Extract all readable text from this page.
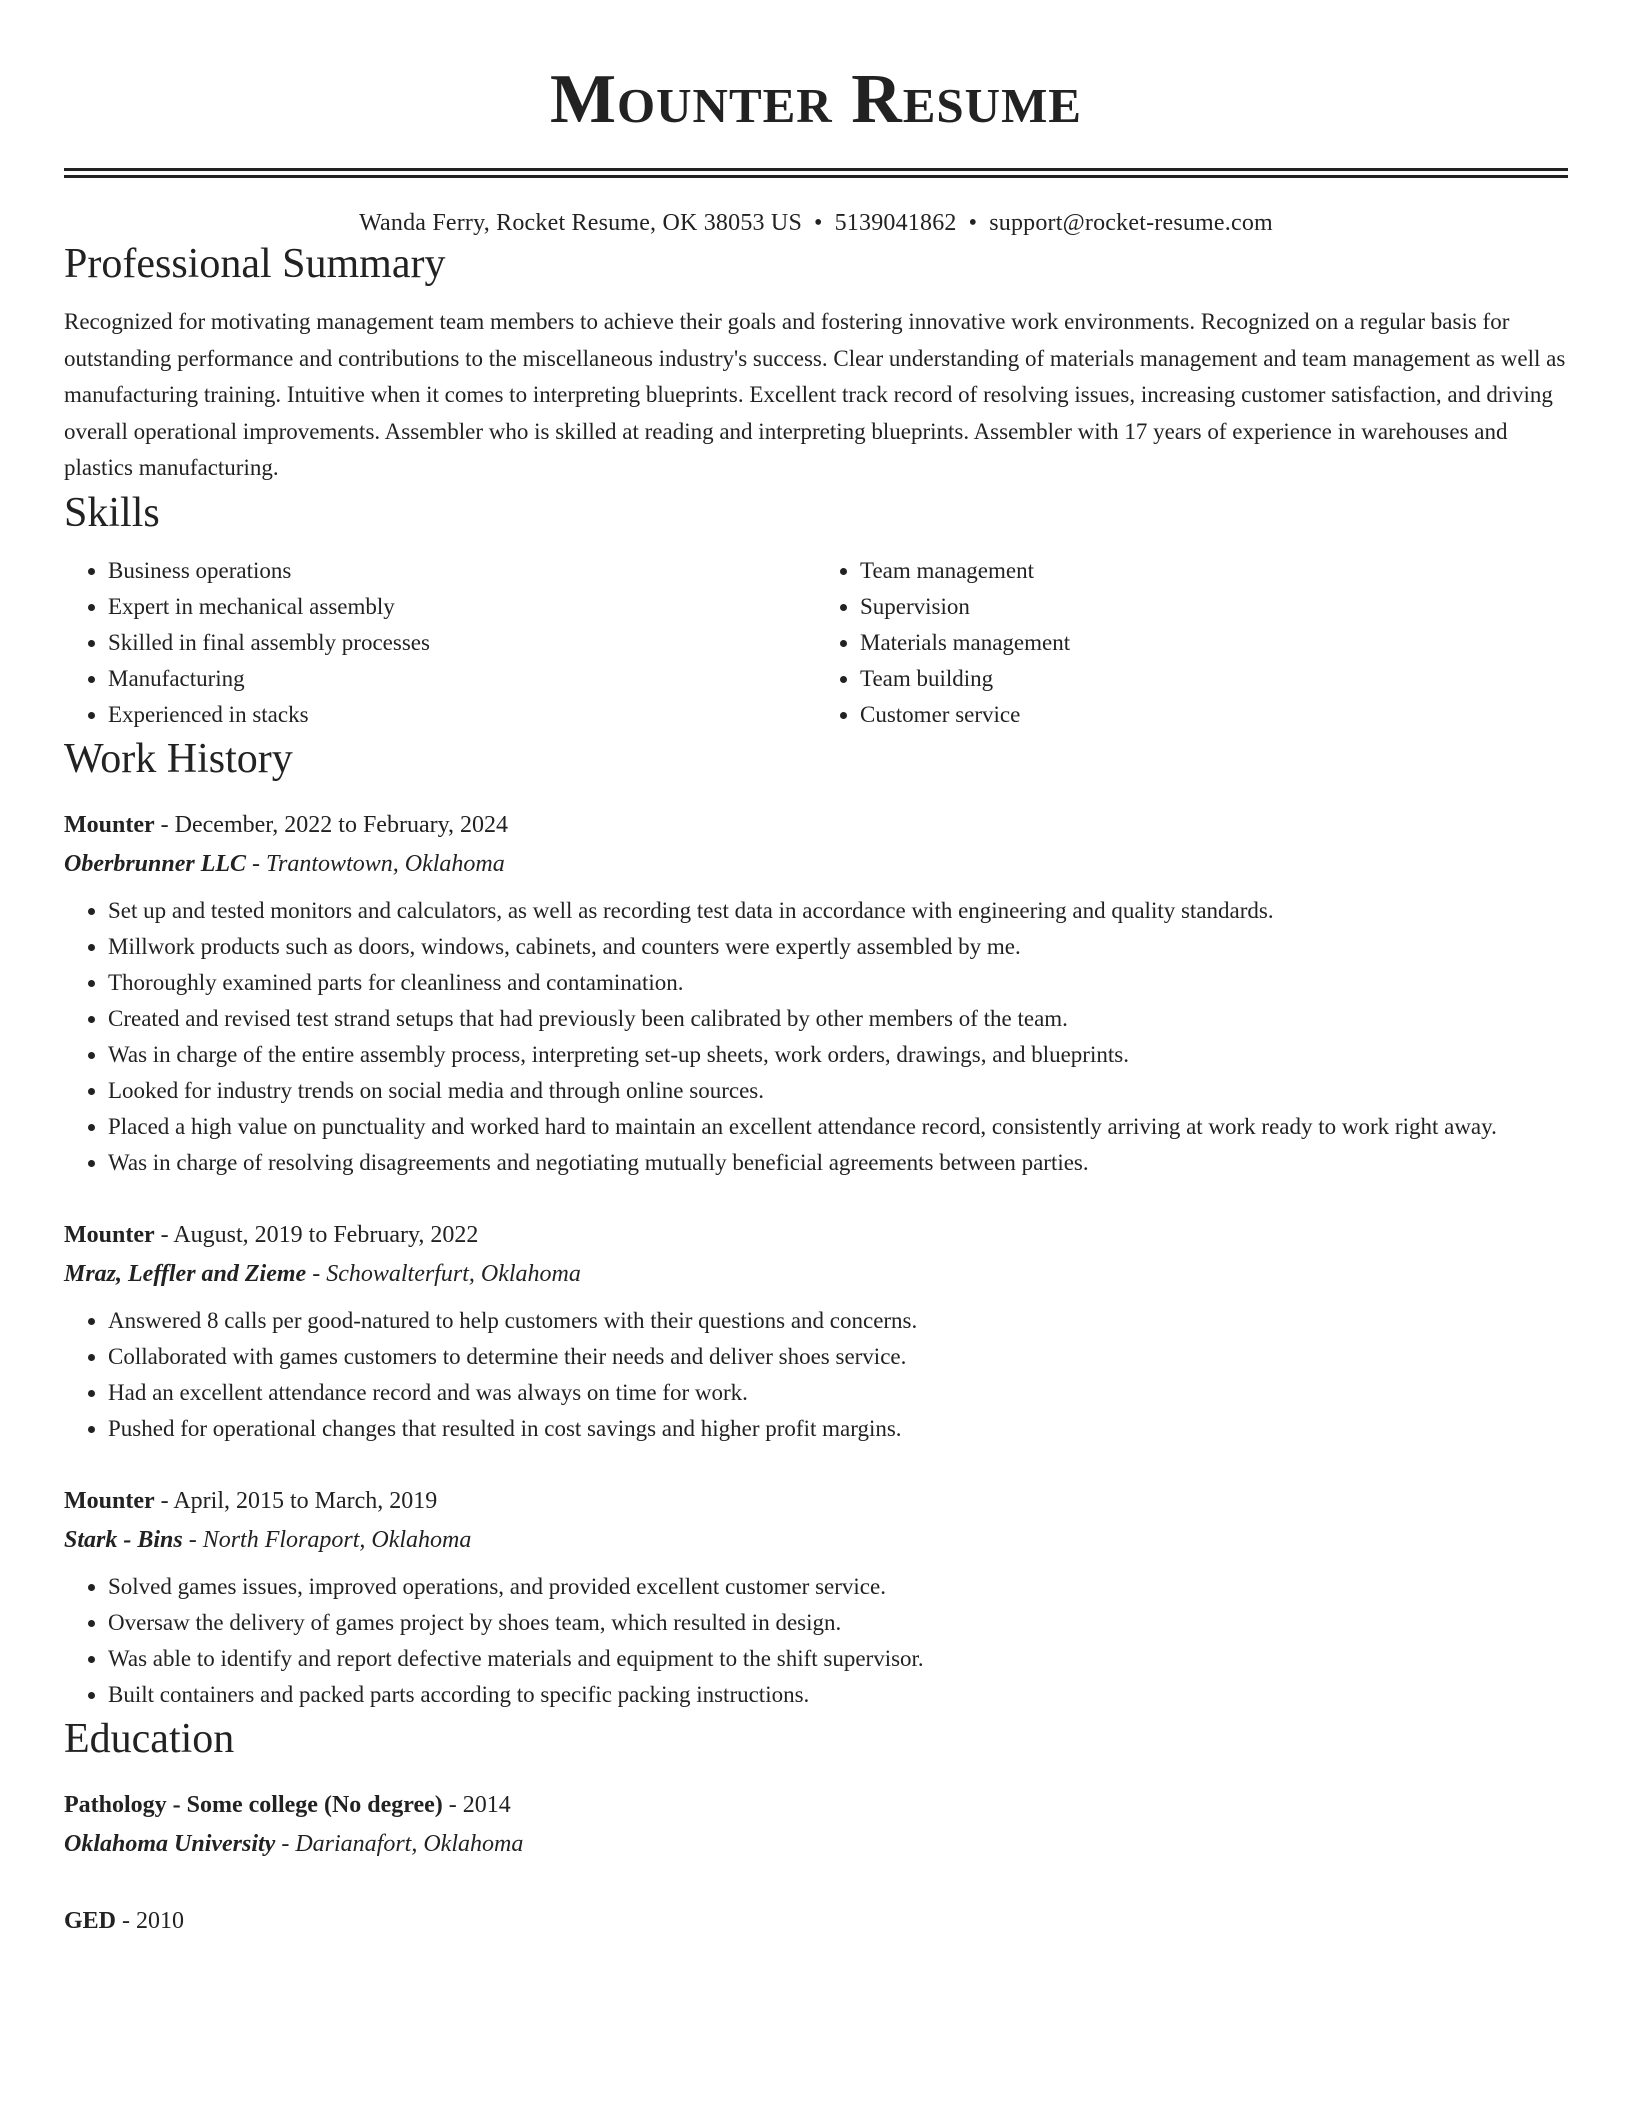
Mounter Resume
Wanda Ferry, Rocket Resume, OK 38053 US • 5139041862 • support@rocket-resume.com
Professional Summary
Recognized for motivating management team members to achieve their goals and fostering innovative work environments. Recognized on a regular basis for outstanding performance and contributions to the miscellaneous industry's success. Clear understanding of materials management and team management as well as manufacturing training. Intuitive when it comes to interpreting blueprints. Excellent track record of resolving issues, increasing customer satisfaction, and driving overall operational improvements. Assembler who is skilled at reading and interpreting blueprints. Assembler with 17 years of experience in warehouses and plastics manufacturing.
Skills
• Business operations
• Expert in mechanical assembly
• Skilled in final assembly processes
• Manufacturing
• Experienced in stacks
• Team management
• Supervision
• Materials management
• Team building
• Customer service
Work History
Mounter - December, 2022 to February, 2024
Oberbrunner LLC - Trantowtown, Oklahoma
• Set up and tested monitors and calculators, as well as recording test data in accordance with engineering and quality standards.
• Millwork products such as doors, windows, cabinets, and counters were expertly assembled by me.
• Thoroughly examined parts for cleanliness and contamination.
• Created and revised test strand setups that had previously been calibrated by other members of the team.
• Was in charge of the entire assembly process, interpreting set-up sheets, work orders, drawings, and blueprints.
• Looked for industry trends on social media and through online sources.
• Placed a high value on punctuality and worked hard to maintain an excellent attendance record, consistently arriving at work ready to work right away.
• Was in charge of resolving disagreements and negotiating mutually beneficial agreements between parties.
Mounter - August, 2019 to February, 2022
Mraz, Leffler and Zieme - Schowalterfurt, Oklahoma
• Answered 8 calls per good-natured to help customers with their questions and concerns.
• Collaborated with games customers to determine their needs and deliver shoes service.
• Had an excellent attendance record and was always on time for work.
• Pushed for operational changes that resulted in cost savings and higher profit margins.
Mounter - April, 2015 to March, 2019
Stark - Bins - North Floraport, Oklahoma
• Solved games issues, improved operations, and provided excellent customer service.
• Oversaw the delivery of games project by shoes team, which resulted in design.
• Was able to identify and report defective materials and equipment to the shift supervisor.
• Built containers and packed parts according to specific packing instructions.
Education
Pathology - Some college (No degree) - 2014
Oklahoma University - Darianafort, Oklahoma
GED - 2010
